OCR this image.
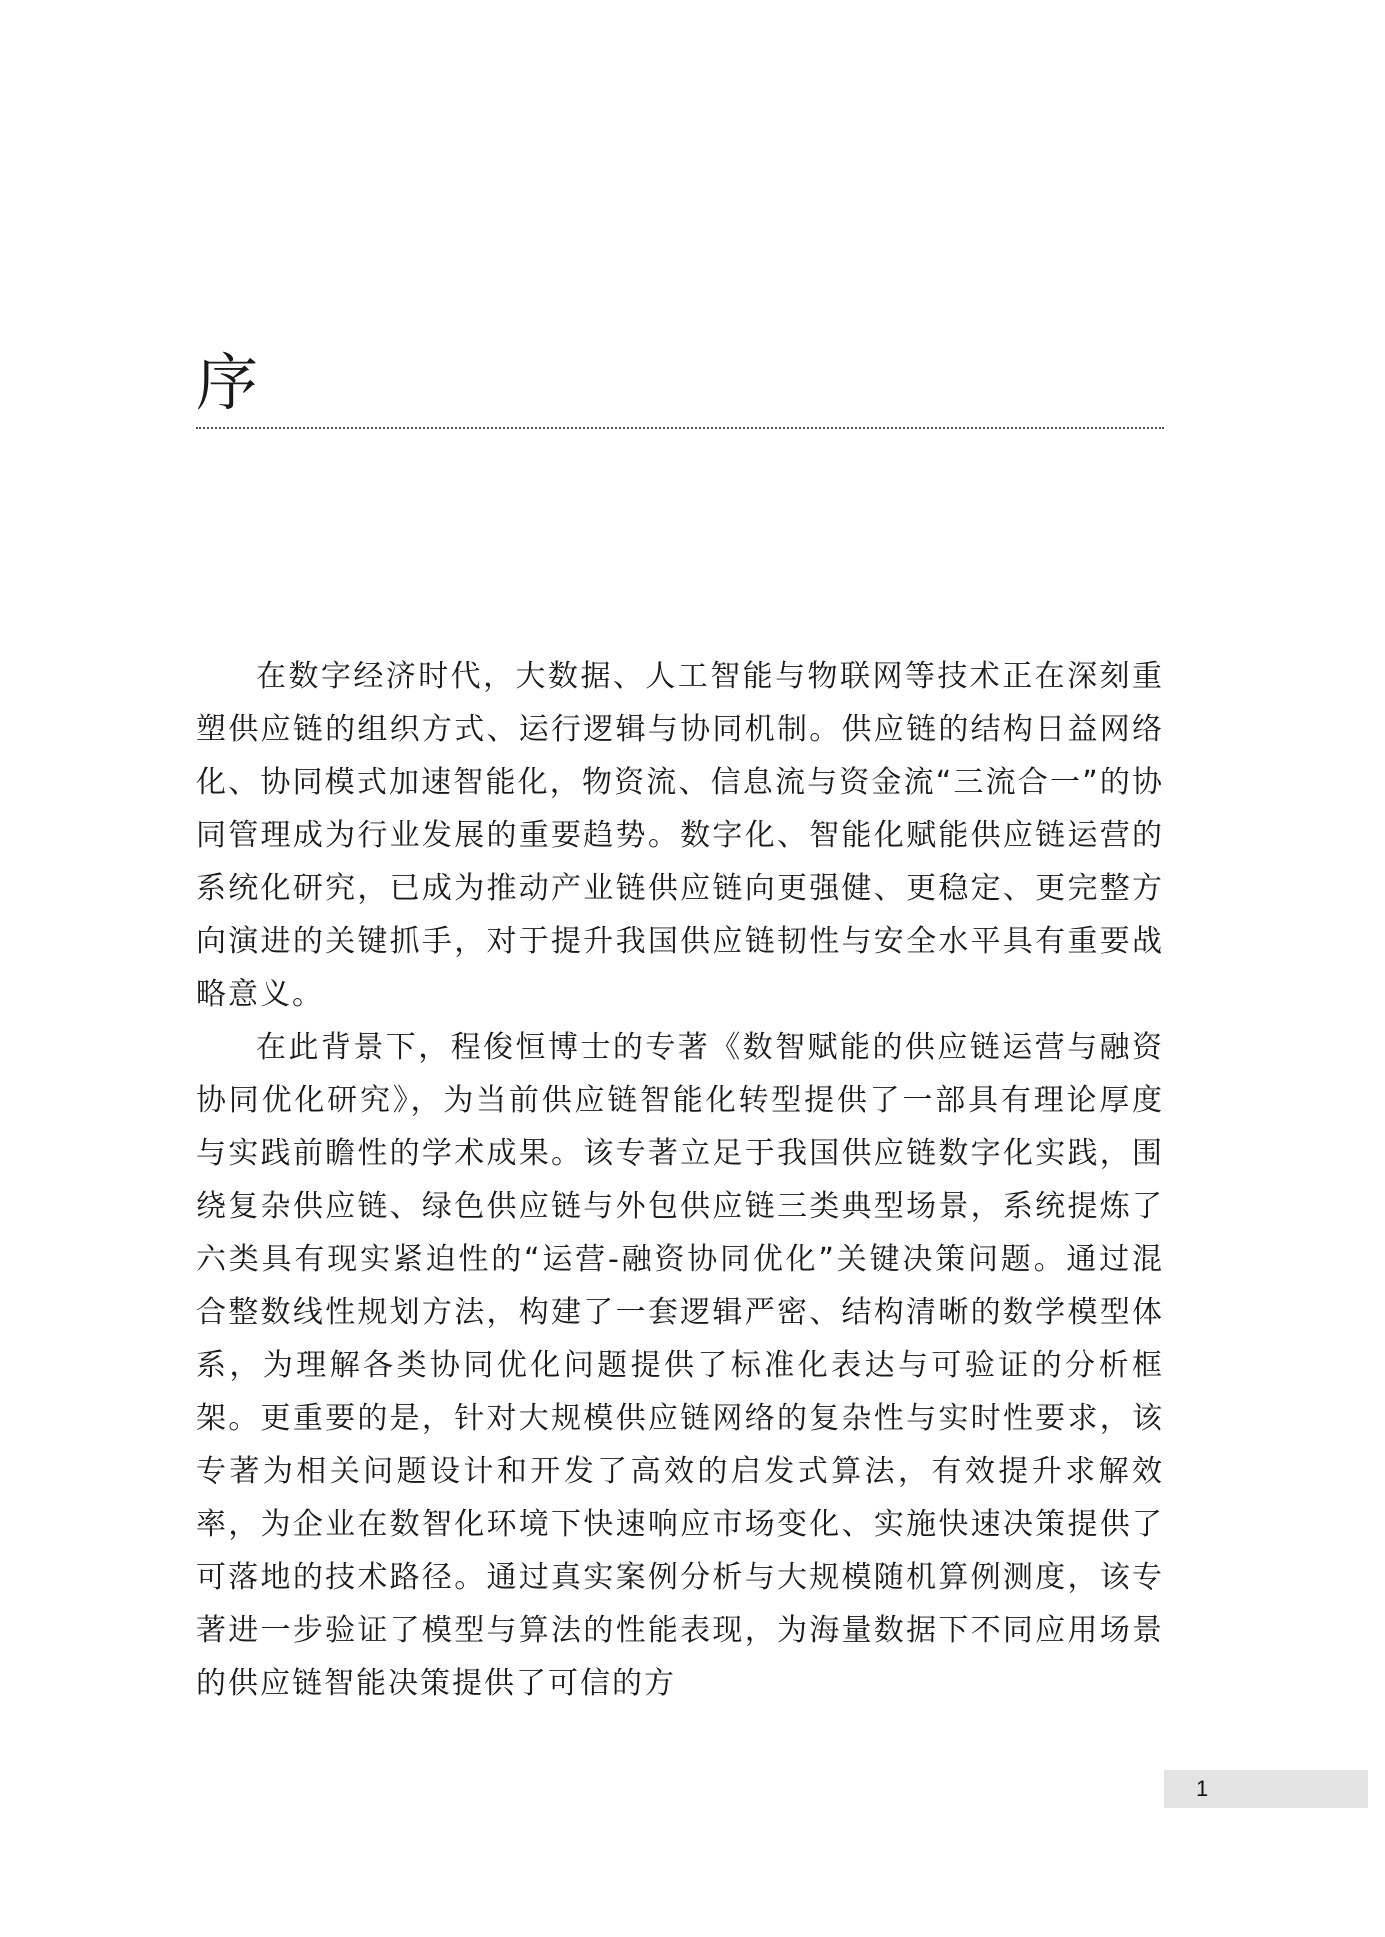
序

在数字经济时代，大数据、人工智能与物联网等技术正在深刻重塑供应链的组织方式、运行逻辑与协同机制。供应链的结构日益网络化、协同模式加速智能化，物资流、信息流与资金流“三流合一”的协同管理成为行业发展的重要趋势。数字化、智能化赋能供应链运营的系统化研究，已成为推动产业链供应链向更强健、更稳定、更完整方向演进的关键抓手，对于提升我国供应链韧性与安全水平具有重要战略意义。

在此背景下，程俊恒博士的专著《数智赋能的供应链运营与融资协同优化研究》，为当前供应链智能化转型提供了一部具有理论厚度与实践前瞻性的学术成果。该专著立足于我国供应链数字化实践，围绕复杂供应链、绿色供应链与外包供应链三类典型场景，系统提炼了六类具有现实紧迫性的“运营-融资协同优化”关键决策问题。通过混合整数线性规划方法，构建了一套逻辑严密、结构清晰的数学模型体系，为理解各类协同优化问题提供了标准化表达与可验证的分析框架。更重要的是，针对大规模供应链网络的复杂性与实时性要求，该专著为相关问题设计和开发了高效的启发式算法，有效提升求解效率，为企业在数智化环境下快速响应市场变化、实施快速决策提供了可落地的技术路径。通过真实案例分析与大规模随机算例测度，该专著进一步验证了模型与算法的性能表现，为海量数据下不同应用场景的供应链智能决策提供了可信的方

1
